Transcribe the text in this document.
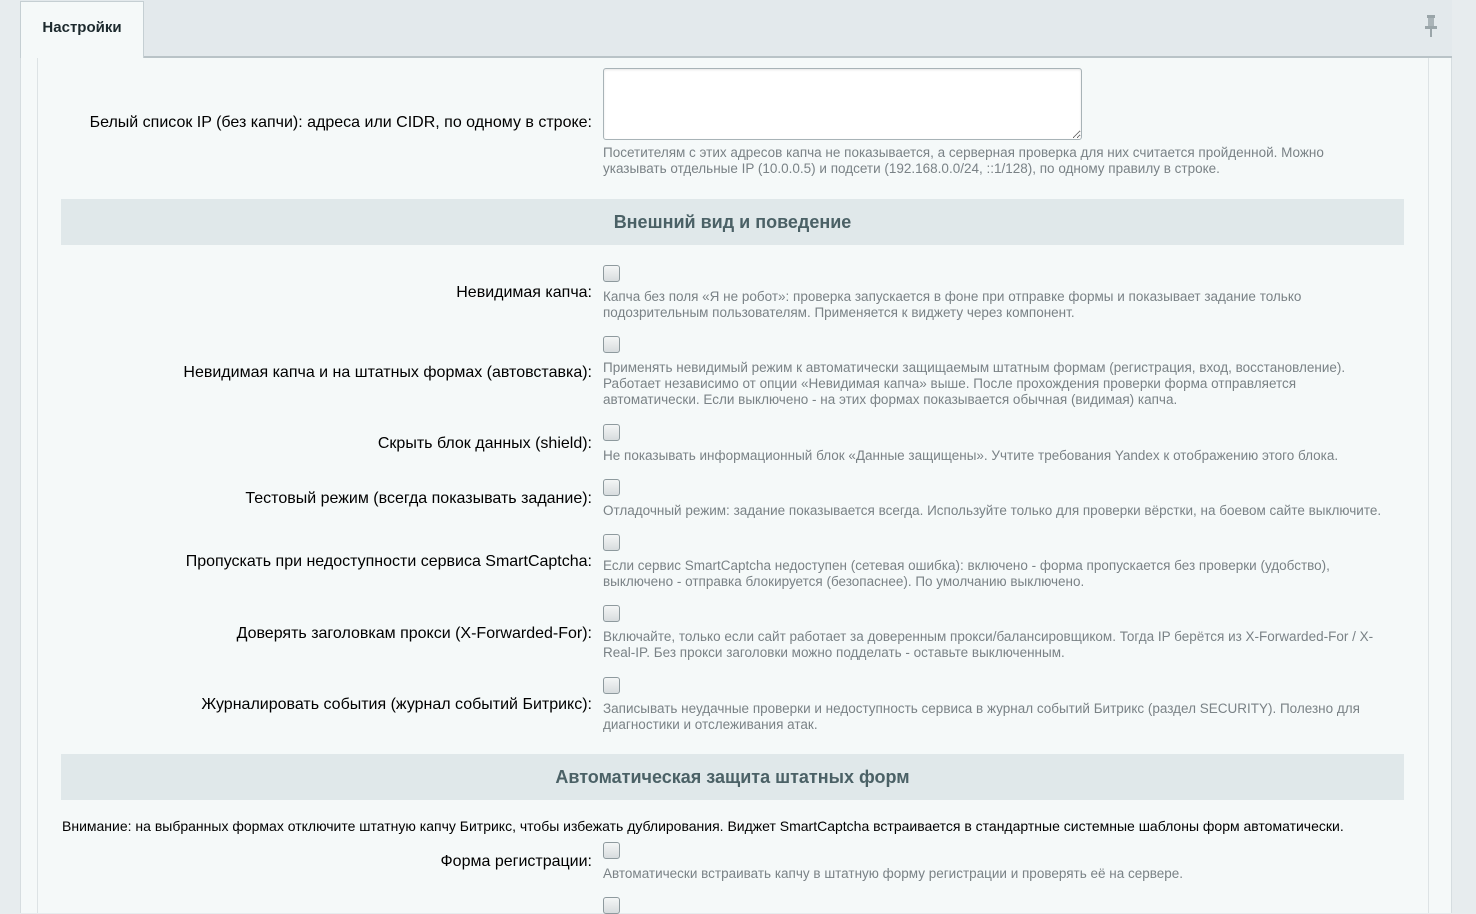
Настройки
Белый список IP (без капчи): адреса или CIDR, по одному в строке:
Посетителям с этих адресов капча не показывается, а серверная проверка для них считается пройденной. Можно указывать отдельные IP (10.0.0.5) и подсети (192.168.0.0/24, ::1/128), по одному правилу в строке.
Внешний вид и поведение
Невидимая капча: Капча без поля «Я не робот»: проверка запускается в фоне при отправке формы и показывает задание только подозрительным пользователям. Применяется к виджету через компонент.
Невидимая капча и на штатных формах (автовставка): Применять невидимый режим к автоматически защищаемым штатным формам (регистрация, вход, восстановление). Работает независимо от опции «Невидимая капча» выше. После прохождения проверки форма отправляется автоматически. Если выключено - на этих формах показывается обычная (видимая) капча.
Скрыть блок данных (shield):
Не показывать информационный блок «Данные защищены». Учтите требования Yandex к отображению этого блока.
Тестовый режим (всегда показывать задание):
Отладочный режим: задание показывается всегда. Используйте только для проверки вёрстки, на боевом сайте выключите.
Пропускать при недоступности сервиса SmartCaptcha: Если сервис SmartCaptcha недоступен (сетевая ошибка): включено - форма пропускается без проверки (удобство), выключено - отправка блокируется (безопаснее). По умолчанию выключено.
Доверять заголовкам прокси (X-Forwarded-For): Включайте, только если сайт работает за доверенным прокси/балансировщиком. Тогда IP берётся из X-Forwarded-For / X-Real-IP. Без прокси заголовки можно подделать - оставьте выключенным.
Журналировать события (журнал событий Битрикс): Записывать неудачные проверки и недоступность сервиса в журнал событий Битрикс (раздел SECURITY). Полезно для диагностики и отслеживания атак.
Автоматическая защита штатных форм
Внимание: на выбранных формах отключите штатную капчу Битрикс, чтобы избежать дублирования. Виджет SmartCaptcha встраивается в стандартные системные шаблоны форм автоматически.
Форма регистрации:
Автоматически встраивать капчу в штатную форму регистрации и проверять её на сервере.
